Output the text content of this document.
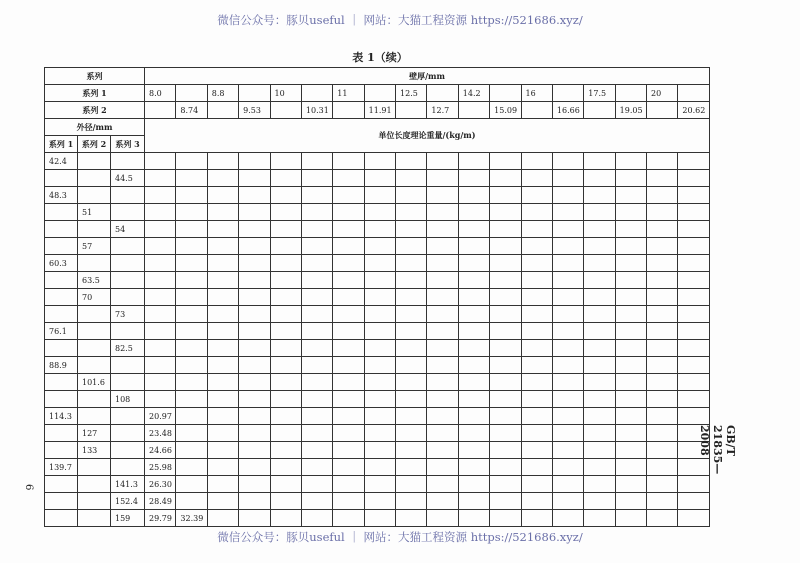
微信公众号：豚贝useful ｜ 网站：大猫工程资源 https://521686.xyz/
表 1（续）
系列			壁厚/mm																	
系列 1			8.0		8.8		10		11		12.5		14.2		16		17.5		20	
系列 2				8.74		9.53		10.31		11.91		12.7		15.09		16.66		19.05		20.62
外径/mm			单位长度理论重量/(kg/m)																	
系列 1	系列 2	系列 3																		
42.4																				
		44.5																		
48.3																				
	51																			
		54																		
	57																			
60.3																				
	63.5																			
	70																			
		73																		
76.1																				
		82.5																		
88.9																				
	101.6																			
		108																		
114.3			20.97																	
	127		23.48																	
	133		24.66																	
139.7			25.98																	
		141.3	26.30																	
		152.4	28.49																	
		159	29.79	32.39																
GB/T 21835—2008
6
微信公众号：豚贝useful ｜ 网站：大猫工程资源 https://521686.xyz/
